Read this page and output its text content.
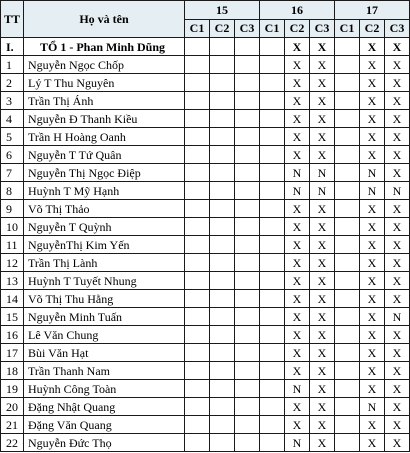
TT	Họ và tên	15			16			17		
		C1	C2	C3	C1	C2	C3	C1	C2	C3
I.	TỔ 1 - Phan Minh Dũng					X	X		X	X
1	Nguyễn Ngọc Chốp					X	X		X	X
2	Lý T Thu Nguyên					X	X		X	X
3	Trần Thị Ánh					X	X		X	X
4	Nguyễn Đ Thanh Kiều					X	X		X	X
5	Trần H Hoàng Oanh					X	X		X	X
6	Nguyễn T Tứ Quân					X	X		X	X
7	Nguyễn Thị Ngọc Điệp					N	N		N	X
8	Huỳnh T Mỹ Hạnh					N	N		N	N
9	Võ Thị Thảo					X	X		X	X
10	Nguyễn T Quỳnh					X	X		X	X
11	NguyễnThị Kim Yến					X	X		X	X
12	Trần Thị Lành					X	X		X	X
13	Huỳnh T Tuyết Nhung					X	X		X	X
14	Võ Thị Thu Hằng					X	X		X	X
15	Nguyễn Minh Tuấn					X	X		X	N
16	Lê Văn Chung					X	X		X	X
17	Bùi Văn Hạt					X	X		X	X
18	Trần Thanh Nam					X	X		X	X
19	Huỳnh Công Toàn					N	X		X	X
20	Đặng Nhật Quang					X	X		N	X
21	Đặng Văn Quang					X	X		X	X
22	Nguyễn Đức Thọ					N	X		X	X
